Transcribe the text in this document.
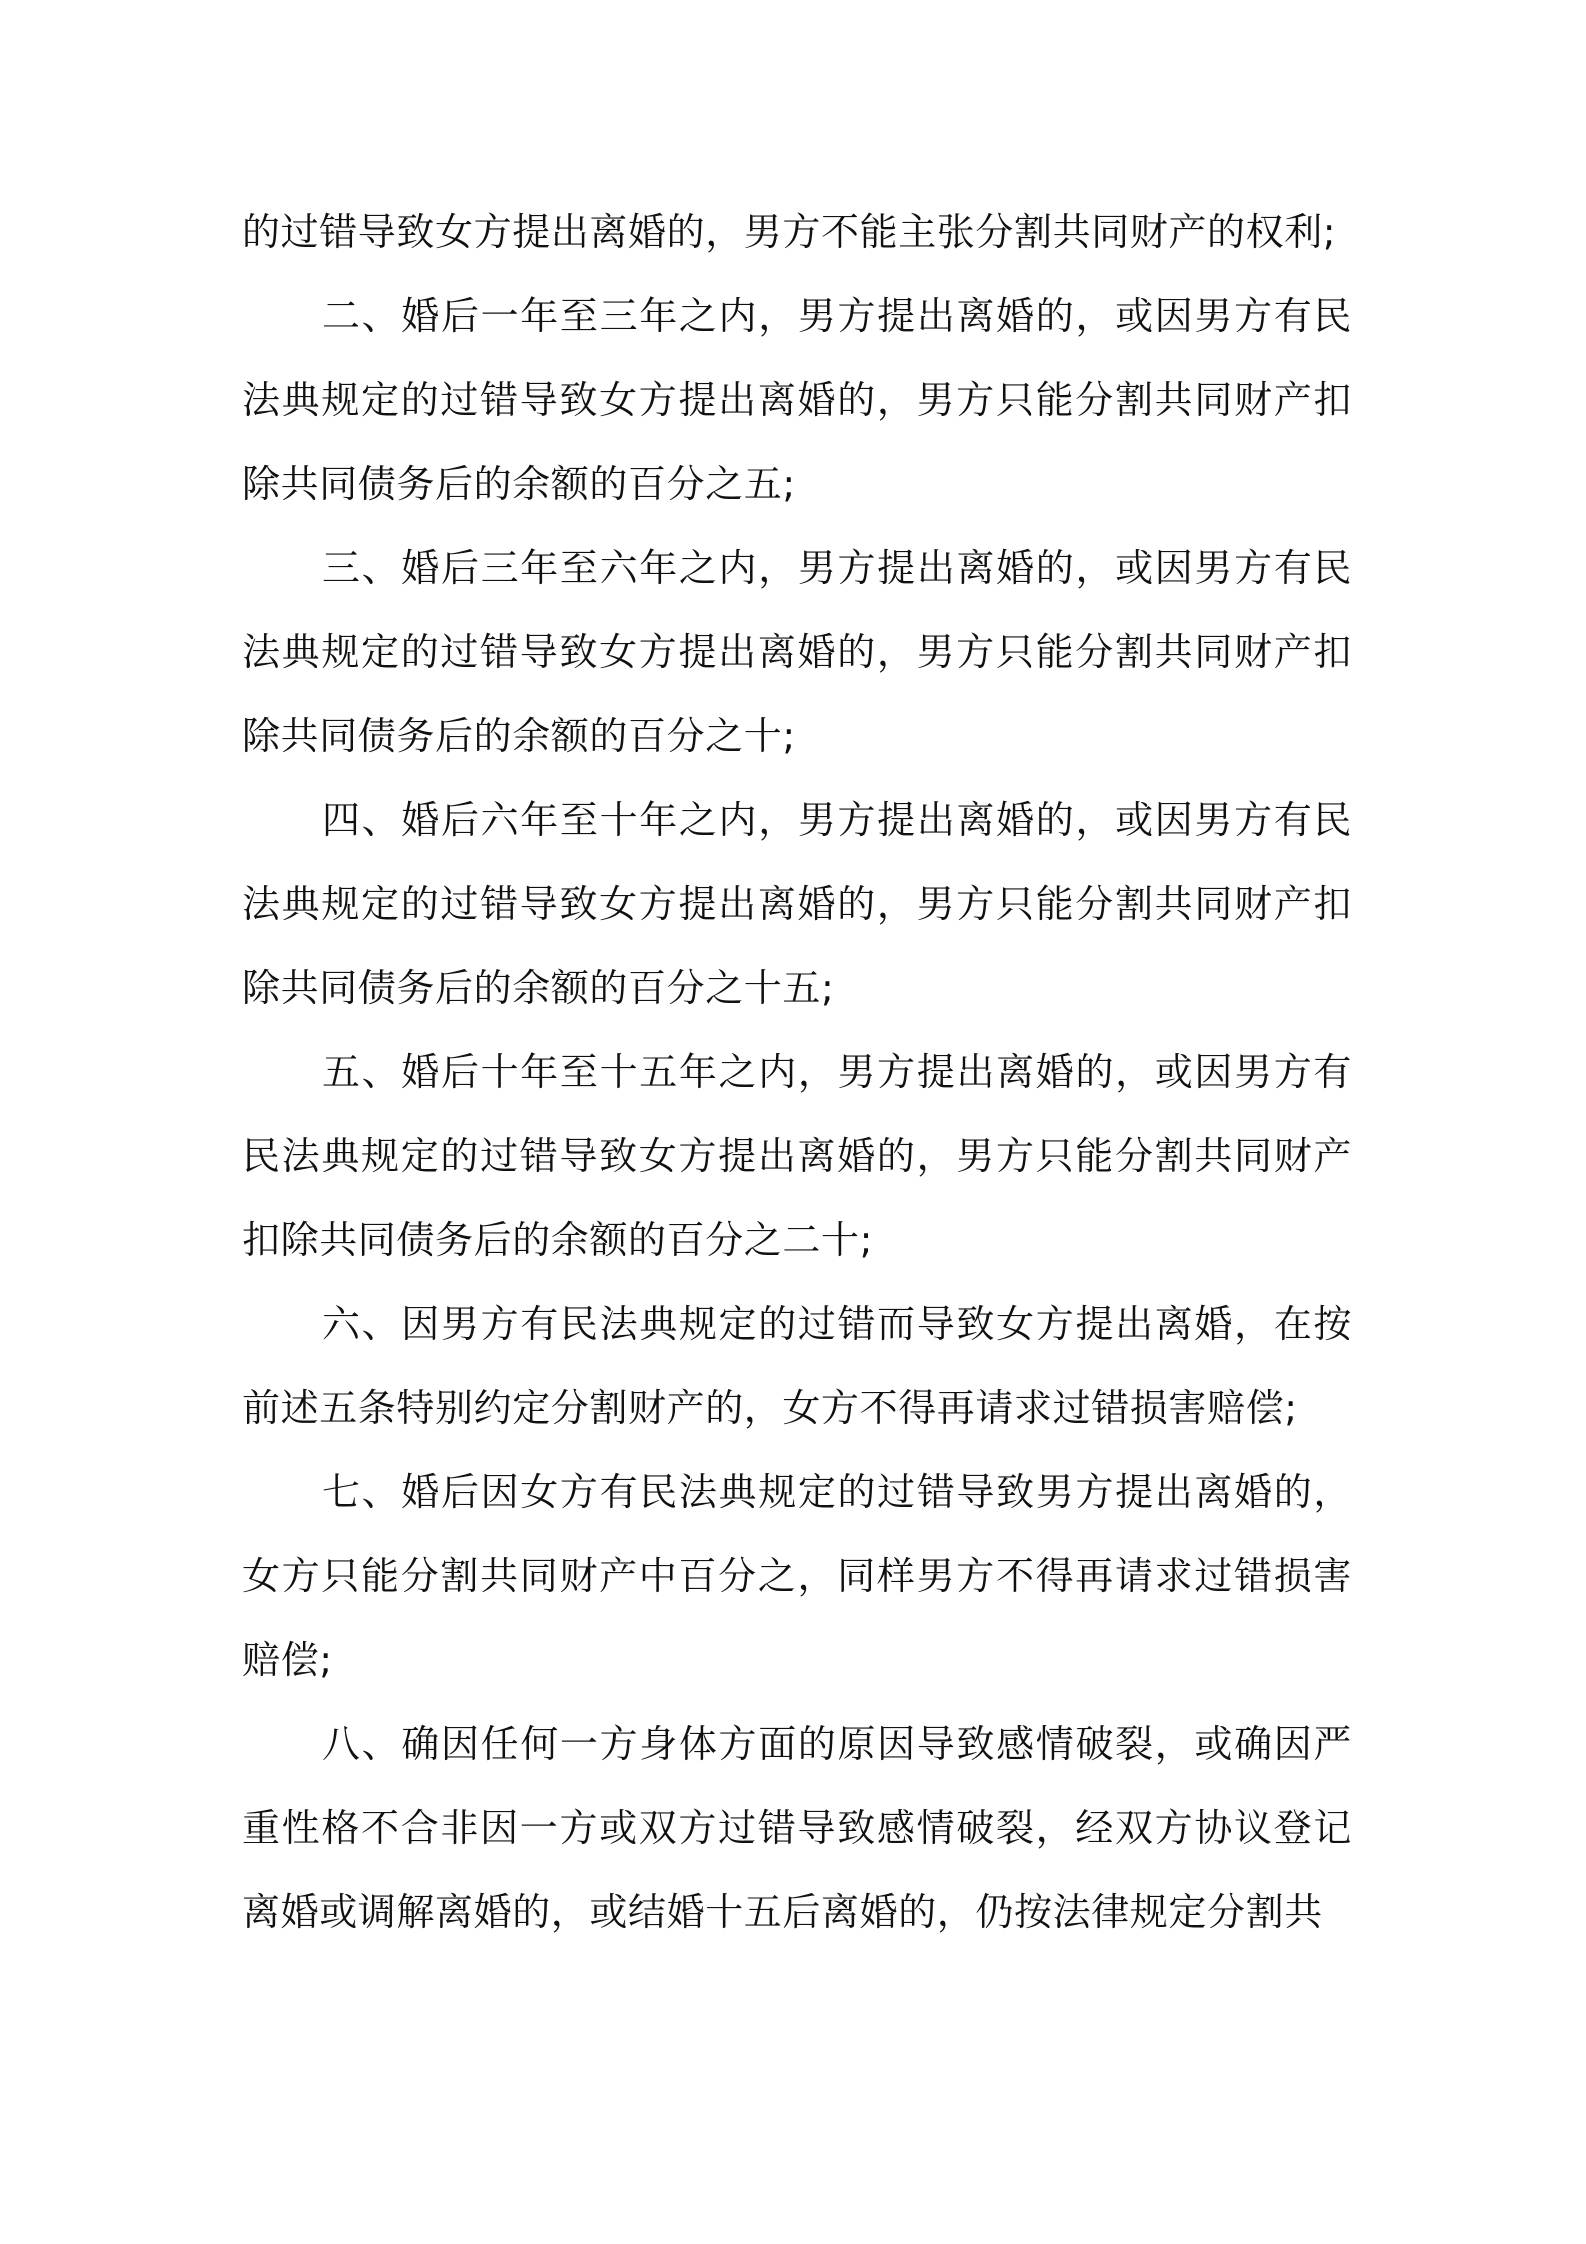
的过错导致女方提出离婚的，男方不能主张分割共同财产的权利;

二、婚后一年至三年之内，男方提出离婚的，或因男方有民法典规定的过错导致女方提出离婚的，男方只能分割共同财产扣除共同债务后的余额的百分之五;

三、婚后三年至六年之内，男方提出离婚的，或因男方有民法典规定的过错导致女方提出离婚的，男方只能分割共同财产扣除共同债务后的余额的百分之十;

四、婚后六年至十年之内，男方提出离婚的，或因男方有民法典规定的过错导致女方提出离婚的，男方只能分割共同财产扣除共同债务后的余额的百分之十五;

五、婚后十年至十五年之内，男方提出离婚的，或因男方有民法典规定的过错导致女方提出离婚的，男方只能分割共同财产扣除共同债务后的余额的百分之二十;

六、因男方有民法典规定的过错而导致女方提出离婚，在按前述五条特别约定分割财产的，女方不得再请求过错损害赔偿;

七、婚后因女方有民法典规定的过错导致男方提出离婚的，女方只能分割共同财产中百分之，同样男方不得再请求过错损害赔偿;

八、确因任何一方身体方面的原因导致感情破裂，或确因严重性格不合非因一方或双方过错导致感情破裂，经双方协议登记离婚或调解离婚的，或结婚十五后离婚的，仍按法律规定分割共
